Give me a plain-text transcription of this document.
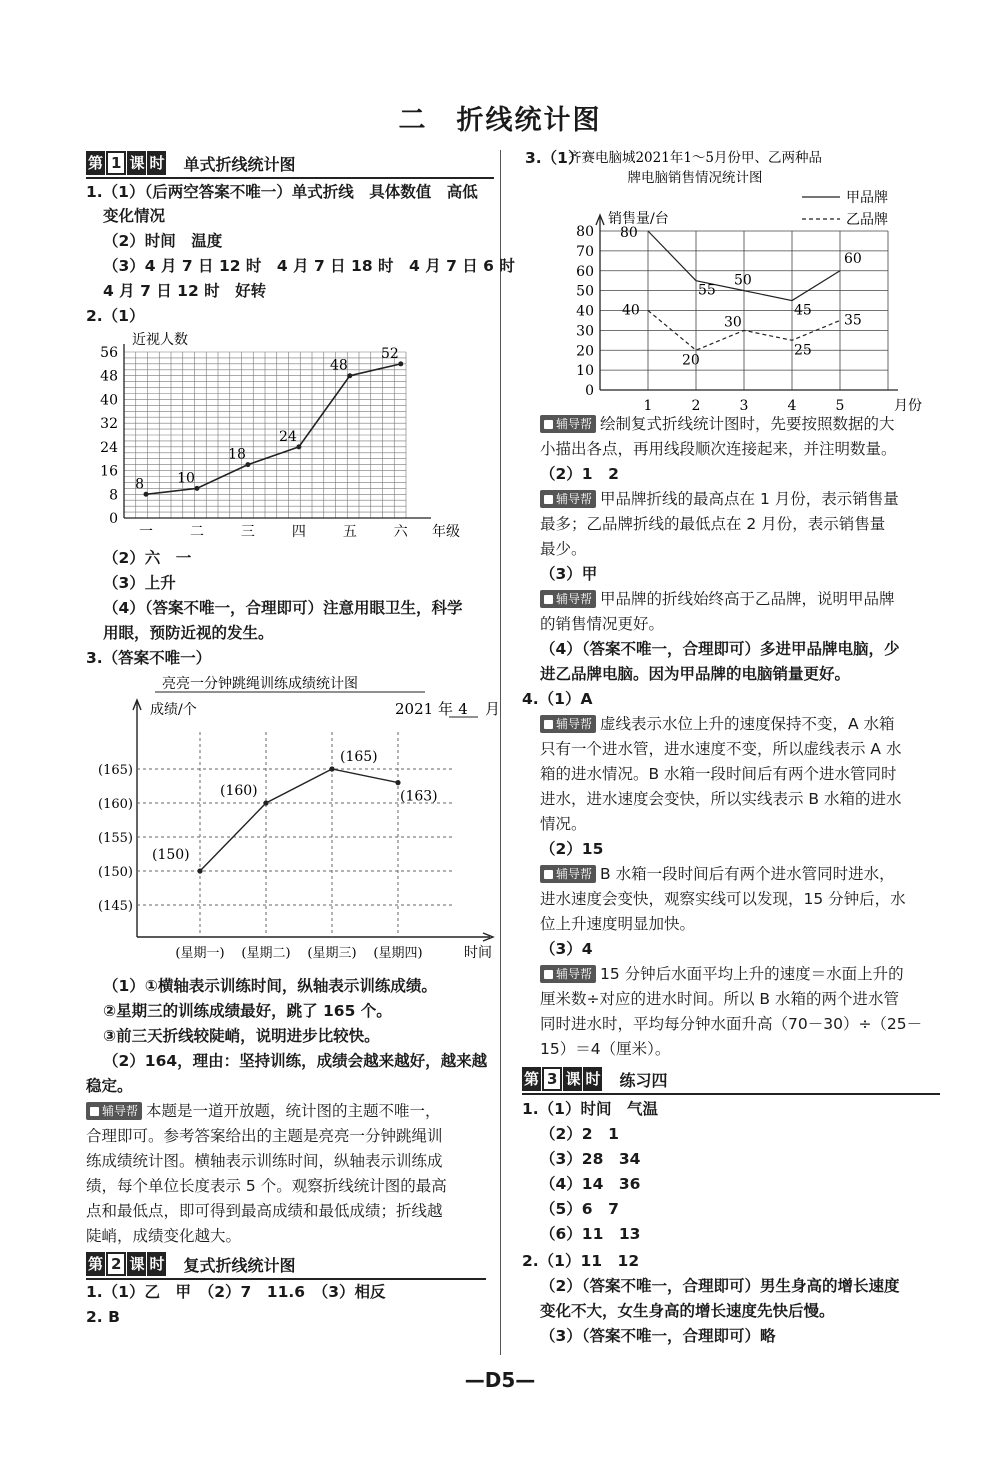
二　折线统计图
第 1 课 时 单式折线统计图
1.（1）（后两空答案不唯一）单式折线　具体数值　高低
变化情况
（2）时间　温度
（3）4 月 7 日 12 时　4 月 7 日 18 时　4 月 7 日 6 时
4 月 7 日 12 时　好转
2.（1）
0
8
16
24
32
40
48
56
近视人数
一	二	三	四	五	六 年级
8 10
18
24
48
52
（2）六　一
（3）上升
（4）（答案不唯一，合理即可）注意用眼卫生，科学
用眼，预防近视的发生。
3.（答案不唯一）
亮亮一分钟跳绳训练成绩统计图
成绩/个	2021 年 4 月
时间
(星期一) (星期二) (星期三) (星期四)
(145)
(150)
(155)
(160)
(165)
(150)
(160)
(165)
(163)
（1）①横轴表示训练时间，纵轴表示训练成绩。
②星期三的训练成绩最好，跳了 165 个。
③前三天折线较陡峭，说明进步比较快。
（2）164，理由：坚持训练，成绩会越来越好，越来越
稳定。
辅导帮 本题是一道开放题，统计图的主题不唯一，
合理即可。参考答案给出的主题是亮亮一分钟跳绳训
练成绩统计图。横轴表示训练时间，纵轴表示训练成
绩，每个单位长度表示 5 个。观察折线统计图的最高
点和最低点，即可得到最高成绩和最低成绩；折线越
陡峭，成绩变化越大。
第 2 课 时 复式折线统计图
1.（1）乙　甲　（2）7　11.6　（3）相反
2. B
3.（1）
齐赛电脑城2021年1～5月份甲、乙两种品
牌电脑销售情况统计图
甲品牌
乙品牌
销售量/台
0
10
20
30
40
50
60
70
80
1	2	3	4	5	月份
80
55
50
45
60
40
20
30
25
35
辅导帮 绘制复式折线统计图时，先要按照数据的大
小描出各点，再用线段顺次连接起来，并注明数量。
（2）1　2
辅导帮 甲品牌折线的最高点在 1 月份，表示销售量
最多；乙品牌折线的最低点在 2 月份，表示销售量
最少。
（3）甲
辅导帮 甲品牌的折线始终高于乙品牌，说明甲品牌
的销售情况更好。
（4）（答案不唯一，合理即可）多进甲品牌电脑，少
进乙品牌电脑。因为甲品牌的电脑销量更好。
4.（1）A
辅导帮 虚线表示水位上升的速度保持不变，A 水箱
只有一个进水管，进水速度不变，所以虚线表示 A 水
箱的进水情况。B 水箱一段时间后有两个进水管同时
进水，进水速度会变快，所以实线表示 B 水箱的进水
情况。
（2）15
辅导帮 B 水箱一段时间后有两个进水管同时进水，
进水速度会变快，观察实线可以发现，15 分钟后，水
位上升速度明显加快。
（3）4
辅导帮 15 分钟后水面平均上升的速度＝水面上升的
厘米数÷对应的进水时间。所以 B 水箱的两个进水管
同时进水时，平均每分钟水面升高（70－30）÷（25－
15）＝4（厘米）。
第 3 课 时 练习四
1.（1）时间　气温
（2）2　1
（3）28　34
（4）14　36
（5）6　7
（6）11　13
2.（1）11　12
（2）（答案不唯一，合理即可）男生身高的增长速度
变化不大，女生身高的增长速度先快后慢。
（3）（答案不唯一，合理即可）略
—D5—
